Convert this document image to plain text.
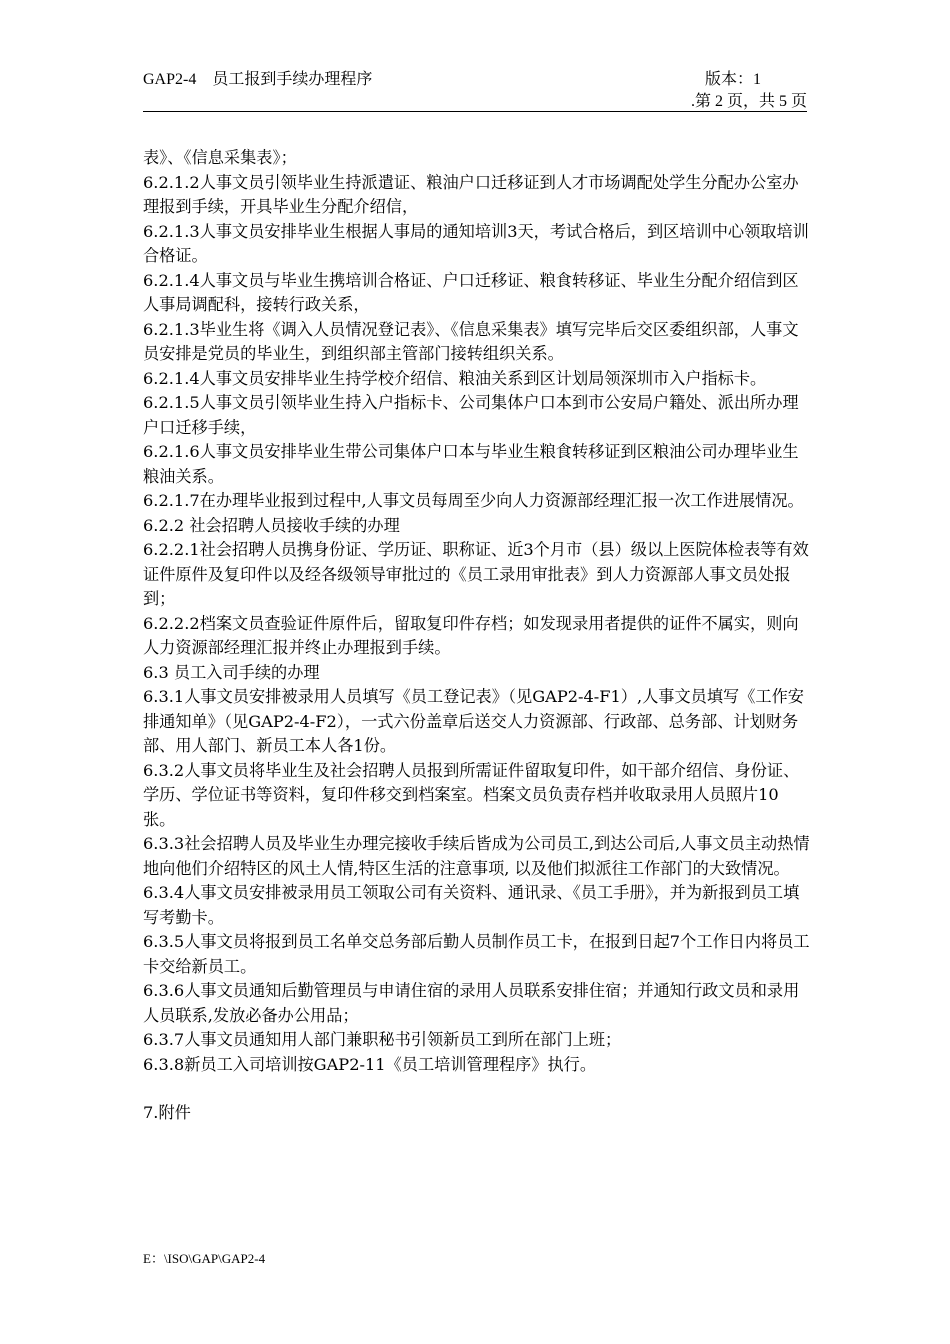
GAP2-4 员工报到手续办理程序	版本：1
.第 2 页，共 5 页

表》、《信息采集表》；

6.2.1.2人事文员引领毕业生持派遣证、粮油户口迁移证到人才市场调配处学生分配办公室办理报到手续，开具毕业生分配介绍信，

6.2.1.3人事文员安排毕业生根据人事局的通知培训3天，考试合格后，到区培训中心领取培训合格证。

6.2.1.4人事文员与毕业生携培训合格证、户口迁移证、粮食转移证、毕业生分配介绍信到区人事局调配科，接转行政关系，

6.2.1.3毕业生将《调入人员情况登记表》、《信息采集表》填写完毕后交区委组织部，人事文员安排是党员的毕业生，到组织部主管部门接转组织关系。

6.2.1.4人事文员安排毕业生持学校介绍信、粮油关系到区计划局领深圳市入户指标卡。

6.2.1.5人事文员引领毕业生持入户指标卡、公司集体户口本到市公安局户籍处、派出所办理户口迁移手续，

6.2.1.6人事文员安排毕业生带公司集体户口本与毕业生粮食转移证到区粮油公司办理毕业生粮油关系。

6.2.1.7在办理毕业报到过程中,人事文员每周至少向人力资源部经理汇报一次工作进展情况。

6.2.2 社会招聘人员接收手续的办理

6.2.2.1社会招聘人员携身份证、学历证、职称证、近3个月市（县）级以上医院体检表等有效证件原件及复印件以及经各级领导审批过的《员工录用审批表》到人力资源部人事文员处报到；

6.2.2.2档案文员查验证件原件后，留取复印件存档；如发现录用者提供的证件不属实，则向人力资源部经理汇报并终止办理报到手续。

6.3 员工入司手续的办理

6.3.1人事文员安排被录用人员填写《员工登记表》（见GAP2-4-F1）,人事文员填写《工作安排通知单》（见GAP2-4-F2），一式六份盖章后送交人力资源部、行政部、总务部、计划财务部、用人部门、新员工本人各1份。

6.3.2人事文员将毕业生及社会招聘人员报到所需证件留取复印件，如干部介绍信、身份证、学历、学位证书等资料，复印件移交到档案室。档案文员负责存档并收取录用人员照片10张。

6.3.3社会招聘人员及毕业生办理完接收手续后皆成为公司员工,到达公司后,人事文员主动热情地向他们介绍特区的风土人情,特区生活的注意事项, 以及他们拟派往工作部门的大致情况。

6.3.4人事文员安排被录用员工领取公司有关资料、通讯录、《员工手册》，并为新报到员工填写考勤卡。

6.3.5人事文员将报到员工名单交总务部后勤人员制作员工卡，在报到日起7个工作日内将员工卡交给新员工。

6.3.6人事文员通知后勤管理员与申请住宿的录用人员联系安排住宿；并通知行政文员和录用人员联系,发放必备办公用品；

6.3.7人事文员通知用人部门兼职秘书引领新员工到所在部门上班；

6.3.8新员工入司培训按GAP2-11《员工培训管理程序》执行。

7.附件

E：\ISO\GAP\GAP2-4
